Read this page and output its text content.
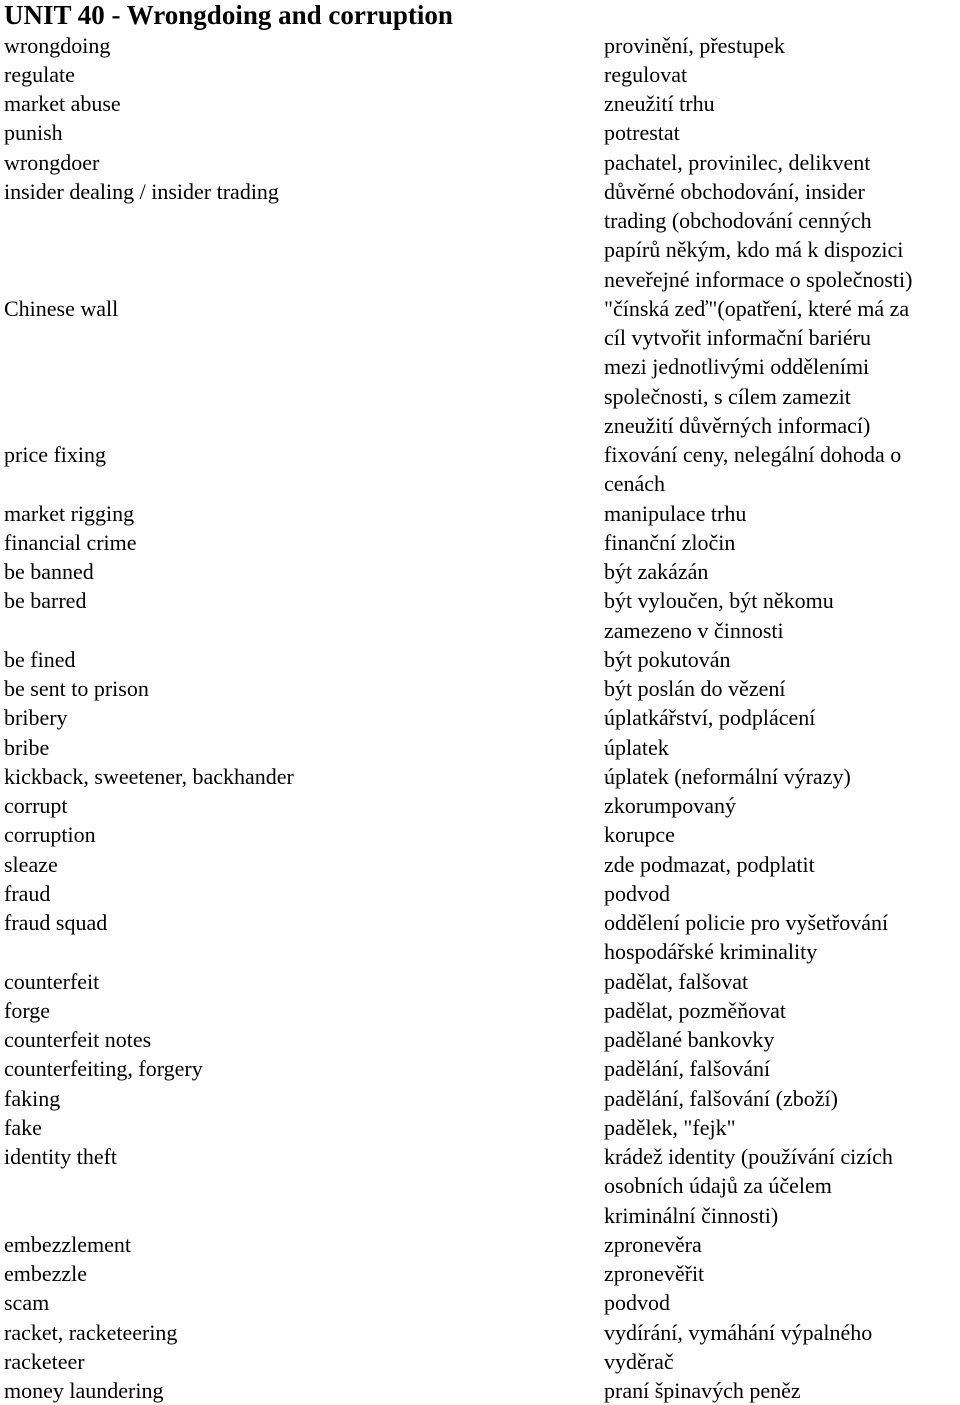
UNIT 40 - Wrongdoing and corruption
wrongdoing	provinění, přestupek
regulate	regulovat
market abuse	zneužití trhu
punish	potrestat
wrongdoer	pachatel, provinilec, delikvent
insider dealing / insider trading	důvěrné obchodování, insider
trading (obchodování cenných
papírů někým, kdo má k dispozici
neveřejné informace o společnosti)
Chinese wall	"čínská zeď"(opatření, které má za
cíl vytvořit informační bariéru
mezi jednotlivými odděleními
společnosti, s cílem zamezit
zneužití důvěrných informací)
price fixing	fixování ceny, nelegální dohoda o
cenách
market rigging	manipulace trhu
financial crime	finanční zločin
be banned	být zakázán
be barred	být vyloučen, být někomu
zamezeno v činnosti
be fined	být pokutován
be sent to prison	být poslán do vězení
bribery	úplatkářství, podplácení
bribe	úplatek
kickback, sweetener, backhander	úplatek (neformální výrazy)
corrupt	zkorumpovaný
corruption	korupce
sleaze	zde podmazat, podplatit
fraud	podvod
fraud squad	oddělení policie pro vyšetřování
hospodářské kriminality
counterfeit	padělat, falšovat
forge	padělat, pozměňovat
counterfeit notes	padělané bankovky
counterfeiting, forgery	padělání, falšování
faking	padělání, falšování (zboží)
fake	padělek, "fejk"
identity theft	krádež identity (používání cizích
osobních údajů za účelem
kriminální činnosti)
embezzlement	zpronevěra
embezzle	zpronevěřit
scam	podvod
racket, racketeering	vydírání, vymáhání výpalného
racketeer	vyděrač
money laundering	praní špinavých peněz
